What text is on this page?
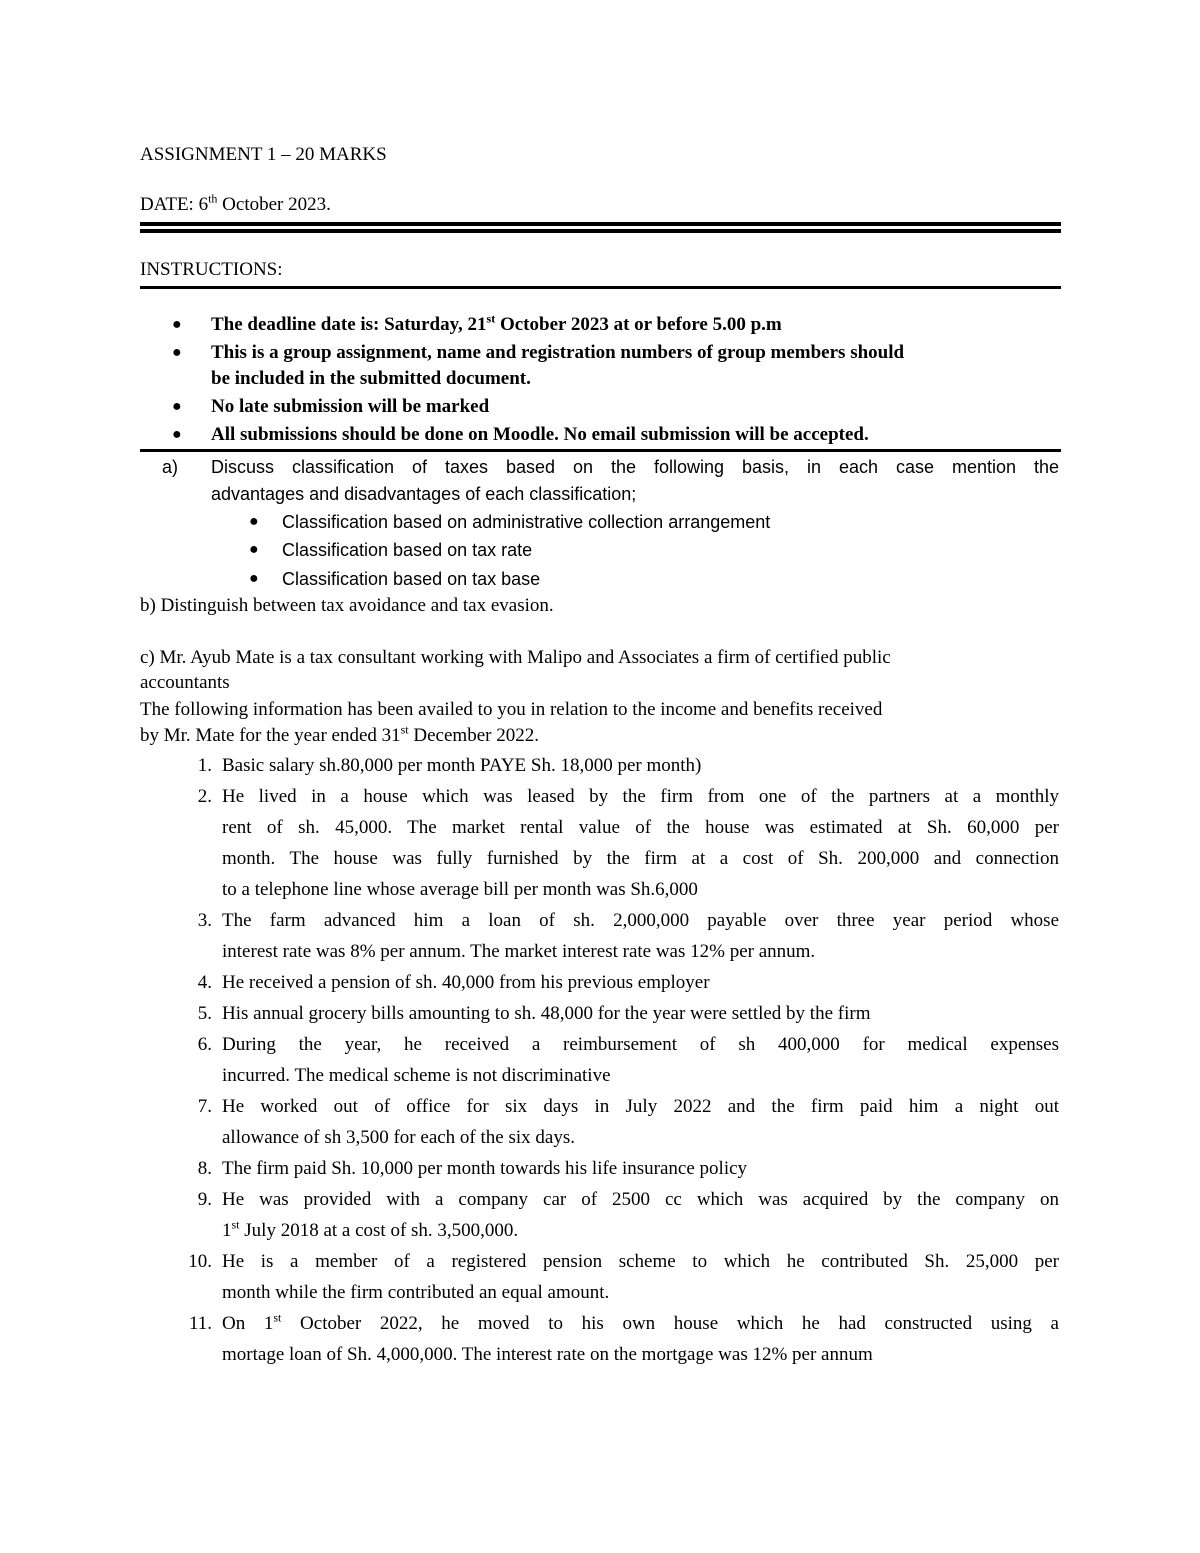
ASSIGNMENT 1 – 20 MARKS
DATE: 6th October 2023.
INSTRUCTIONS:
● The deadline date is: Saturday, 21st October 2023 at or before 5.00 p.m
● This is a group assignment, name and registration numbers of group members should
be included in the submitted document.
● No late submission will be marked
● All submissions should be done on Moodle. No email submission will be accepted.
a) Discuss classification of taxes based on the following basis, in each case mention the
advantages and disadvantages of each classification;
● Classification based on administrative collection arrangement
● Classification based on tax rate
● Classification based on tax base
b) Distinguish between tax avoidance and tax evasion.
c) Mr. Ayub Mate is a tax consultant working with Malipo and Associates a firm of certified public
accountants
The following information has been availed to you in relation to the income and benefits received
by Mr. Mate for the year ended 31st December 2022.
1. Basic salary sh.80,000 per month PAYE Sh. 18,000 per month)
2. He lived in a house which was leased by the firm from one of the partners at a monthly
rent of sh. 45,000. The market rental value of the house was estimated at Sh. 60,000 per
month. The house was fully furnished by the firm at a cost of Sh. 200,000 and connection
to a telephone line whose average bill per month was Sh.6,000
3. The farm advanced him a loan of sh. 2,000,000 payable over three year period whose
interest rate was 8% per annum. The market interest rate was 12% per annum.
4. He received a pension of sh. 40,000 from his previous employer
5. His annual grocery bills amounting to sh. 48,000 for the year were settled by the firm
6. During the year, he received a reimbursement of sh 400,000 for medical expenses
incurred. The medical scheme is not discriminative
7. He worked out of office for six days in July 2022 and the firm paid him a night out
allowance of sh 3,500 for each of the six days.
8. The firm paid Sh. 10,000 per month towards his life insurance policy
9. He was provided with a company car of 2500 cc which was acquired by the company on
1st July 2018 at a cost of sh. 3,500,000.
10. He is a member of a registered pension scheme to which he contributed Sh. 25,000 per
month while the firm contributed an equal amount.
11. On 1st October 2022, he moved to his own house which he had constructed using a
mortage loan of Sh. 4,000,000. The interest rate on the mortgage was 12% per annum
